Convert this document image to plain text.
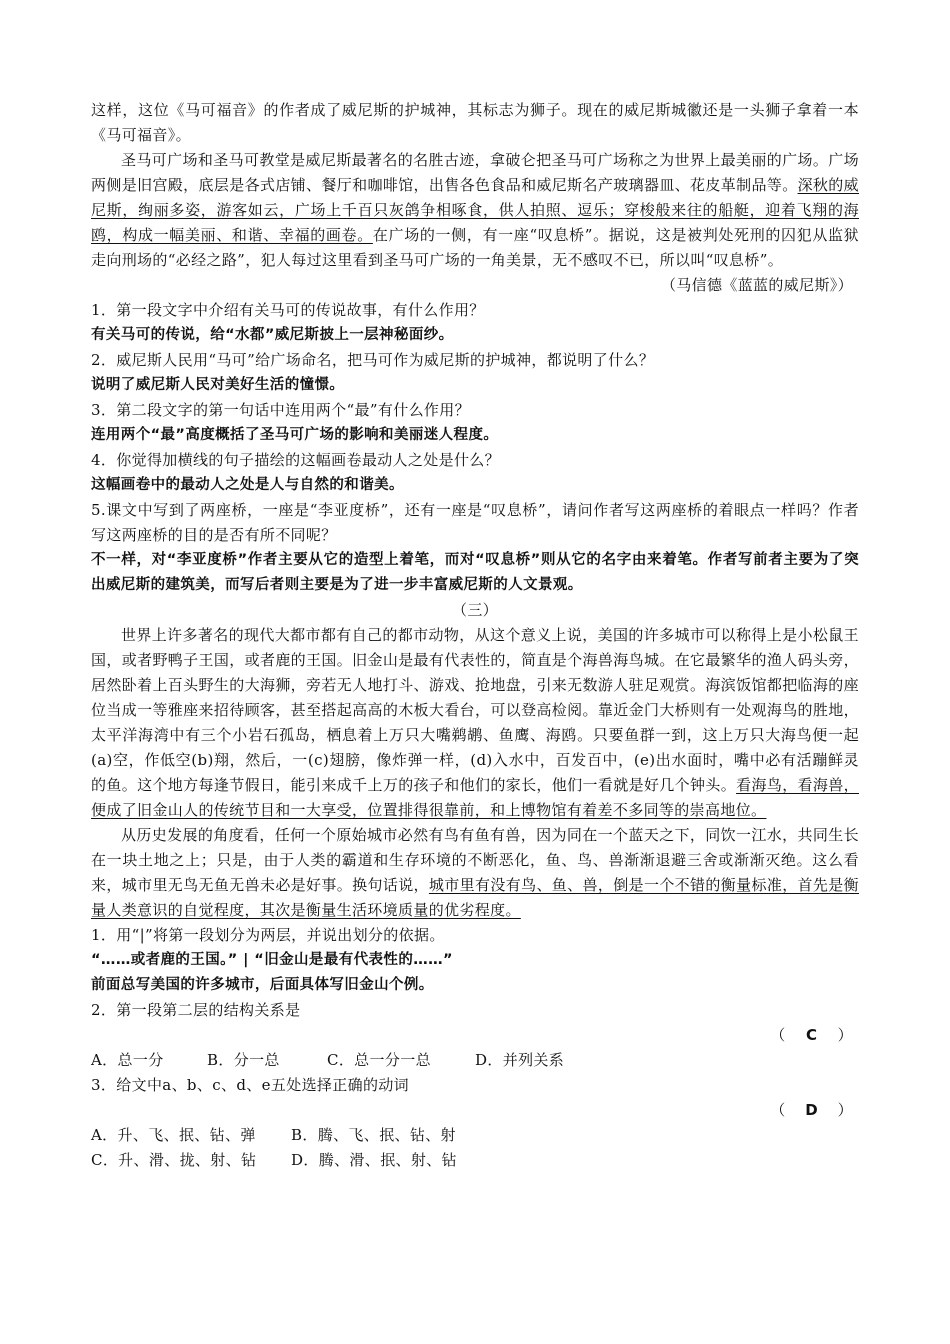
这样，这位《马可福音》的作者成了威尼斯的护城神，其标志为狮子。现在的威尼斯城徽还是一头狮子拿着一本《马可福音》。

圣马可广场和圣马可教堂是威尼斯最著名的名胜古迹，拿破仑把圣马可广场称之为世界上最美丽的广场。广场两侧是旧宫殿，底层是各式店铺、餐厅和咖啡馆，出售各色食品和威尼斯名产玻璃器皿、花皮革制品等。深秋的威尼斯，绚丽多姿，游客如云，广场上千百只灰鸽争相啄食，供人拍照、逗乐；穿梭般来往的船艇，迎着飞翔的海鸥，构成一幅美丽、和谐、幸福的画卷。在广场的一侧，有一座“叹息桥”。据说，这是被判处死刑的囚犯从监狱走向刑场的“必经之路”，犯人每过这里看到圣马可广场的一角美景，无不感叹不已，所以叫“叹息桥”。

（马信德《蓝蓝的威尼斯》）

1．第一段文字中介绍有关马可的传说故事，有什么作用？

有关马可的传说，给“水都”威尼斯披上一层神秘面纱。

2．威尼斯人民用“马可”给广场命名，把马可作为威尼斯的护城神，都说明了什么？

说明了威尼斯人民对美好生活的憧憬。

3．第二段文字的第一句话中连用两个“最”有什么作用？

连用两个“最”高度概括了圣马可广场的影响和美丽迷人程度。

4．你觉得加横线的句子描绘的这幅画卷最动人之处是什么？

这幅画卷中的最动人之处是人与自然的和谐美。

5.课文中写到了两座桥，一座是“李亚度桥”，还有一座是“叹息桥”，请问作者写这两座桥的着眼点一样吗？作者写这两座桥的目的是否有所不同呢？

不一样，对“李亚度桥”作者主要从它的造型上着笔，而对“叹息桥”则从它的名字由来着笔。作者写前者主要为了突出威尼斯的建筑美，而写后者则主要是为了进一步丰富威尼斯的人文景观。

（三）

世界上许多著名的现代大都市都有自己的都市动物，从这个意义上说，美国的许多城市可以称得上是小松鼠王国，或者野鸭子王国，或者鹿的王国。旧金山是最有代表性的，简直是个海兽海鸟城。在它最繁华的渔人码头旁，居然卧着上百头野生的大海狮，旁若无人地打斗、游戏、抢地盘，引来无数游人驻足观赏。海滨饭馆都把临海的座位当成一等雅座来招待顾客，甚至搭起高高的木板大看台，可以登高检阅。靠近金门大桥则有一处观海鸟的胜地，太平洋海湾中有三个小岩石孤岛，栖息着上万只大嘴鹈鹕、鱼鹰、海鸥。只要鱼群一到，这上万只大海鸟便一起(a)空，作低空(b)翔，然后，一(c)翅膀，像炸弹一样，(d)入水中，百发百中，(e)出水面时，嘴中必有活蹦鲜灵的鱼。这个地方每逢节假日，能引来成千上万的孩子和他们的家长，他们一看就是好几个钟头。看海鸟，看海兽，便成了旧金山人的传统节目和一大享受，位置排得很靠前，和上博物馆有着差不多同等的崇高地位。

从历史发展的角度看，任何一个原始城市必然有鸟有鱼有兽，因为同在一个蓝天之下，同饮一江水，共同生长在一块土地之上；只是，由于人类的霸道和生存环境的不断恶化，鱼、鸟、兽渐渐退避三舍或渐渐灭绝。这么看来，城市里无鸟无鱼无兽未必是好事。换句话说，城市里有没有鸟、鱼、兽，倒是一个不错的衡量标准，首先是衡量人类意识的自觉程度，其次是衡量生活环境质量的优劣程度。

1．用“|”将第一段划分为两层，并说出划分的依据。

“……或者鹿的王国。” | “旧金山是最有代表性的……”

前面总写美国的许多城市，后面具体写旧金山个例。

2．第一段第二层的结构关系是

（ C ）

A．总一分	B．分一总	C．总一分一总	D．并列关系

3．给文中a、b、c、d、e五处选择正确的动词

（ D ）

A．升、飞、抿、钻、弹 B．腾、飞、抿、钻、射

C．升、滑、拢、射、钻 D．腾、滑、抿、射、钻
